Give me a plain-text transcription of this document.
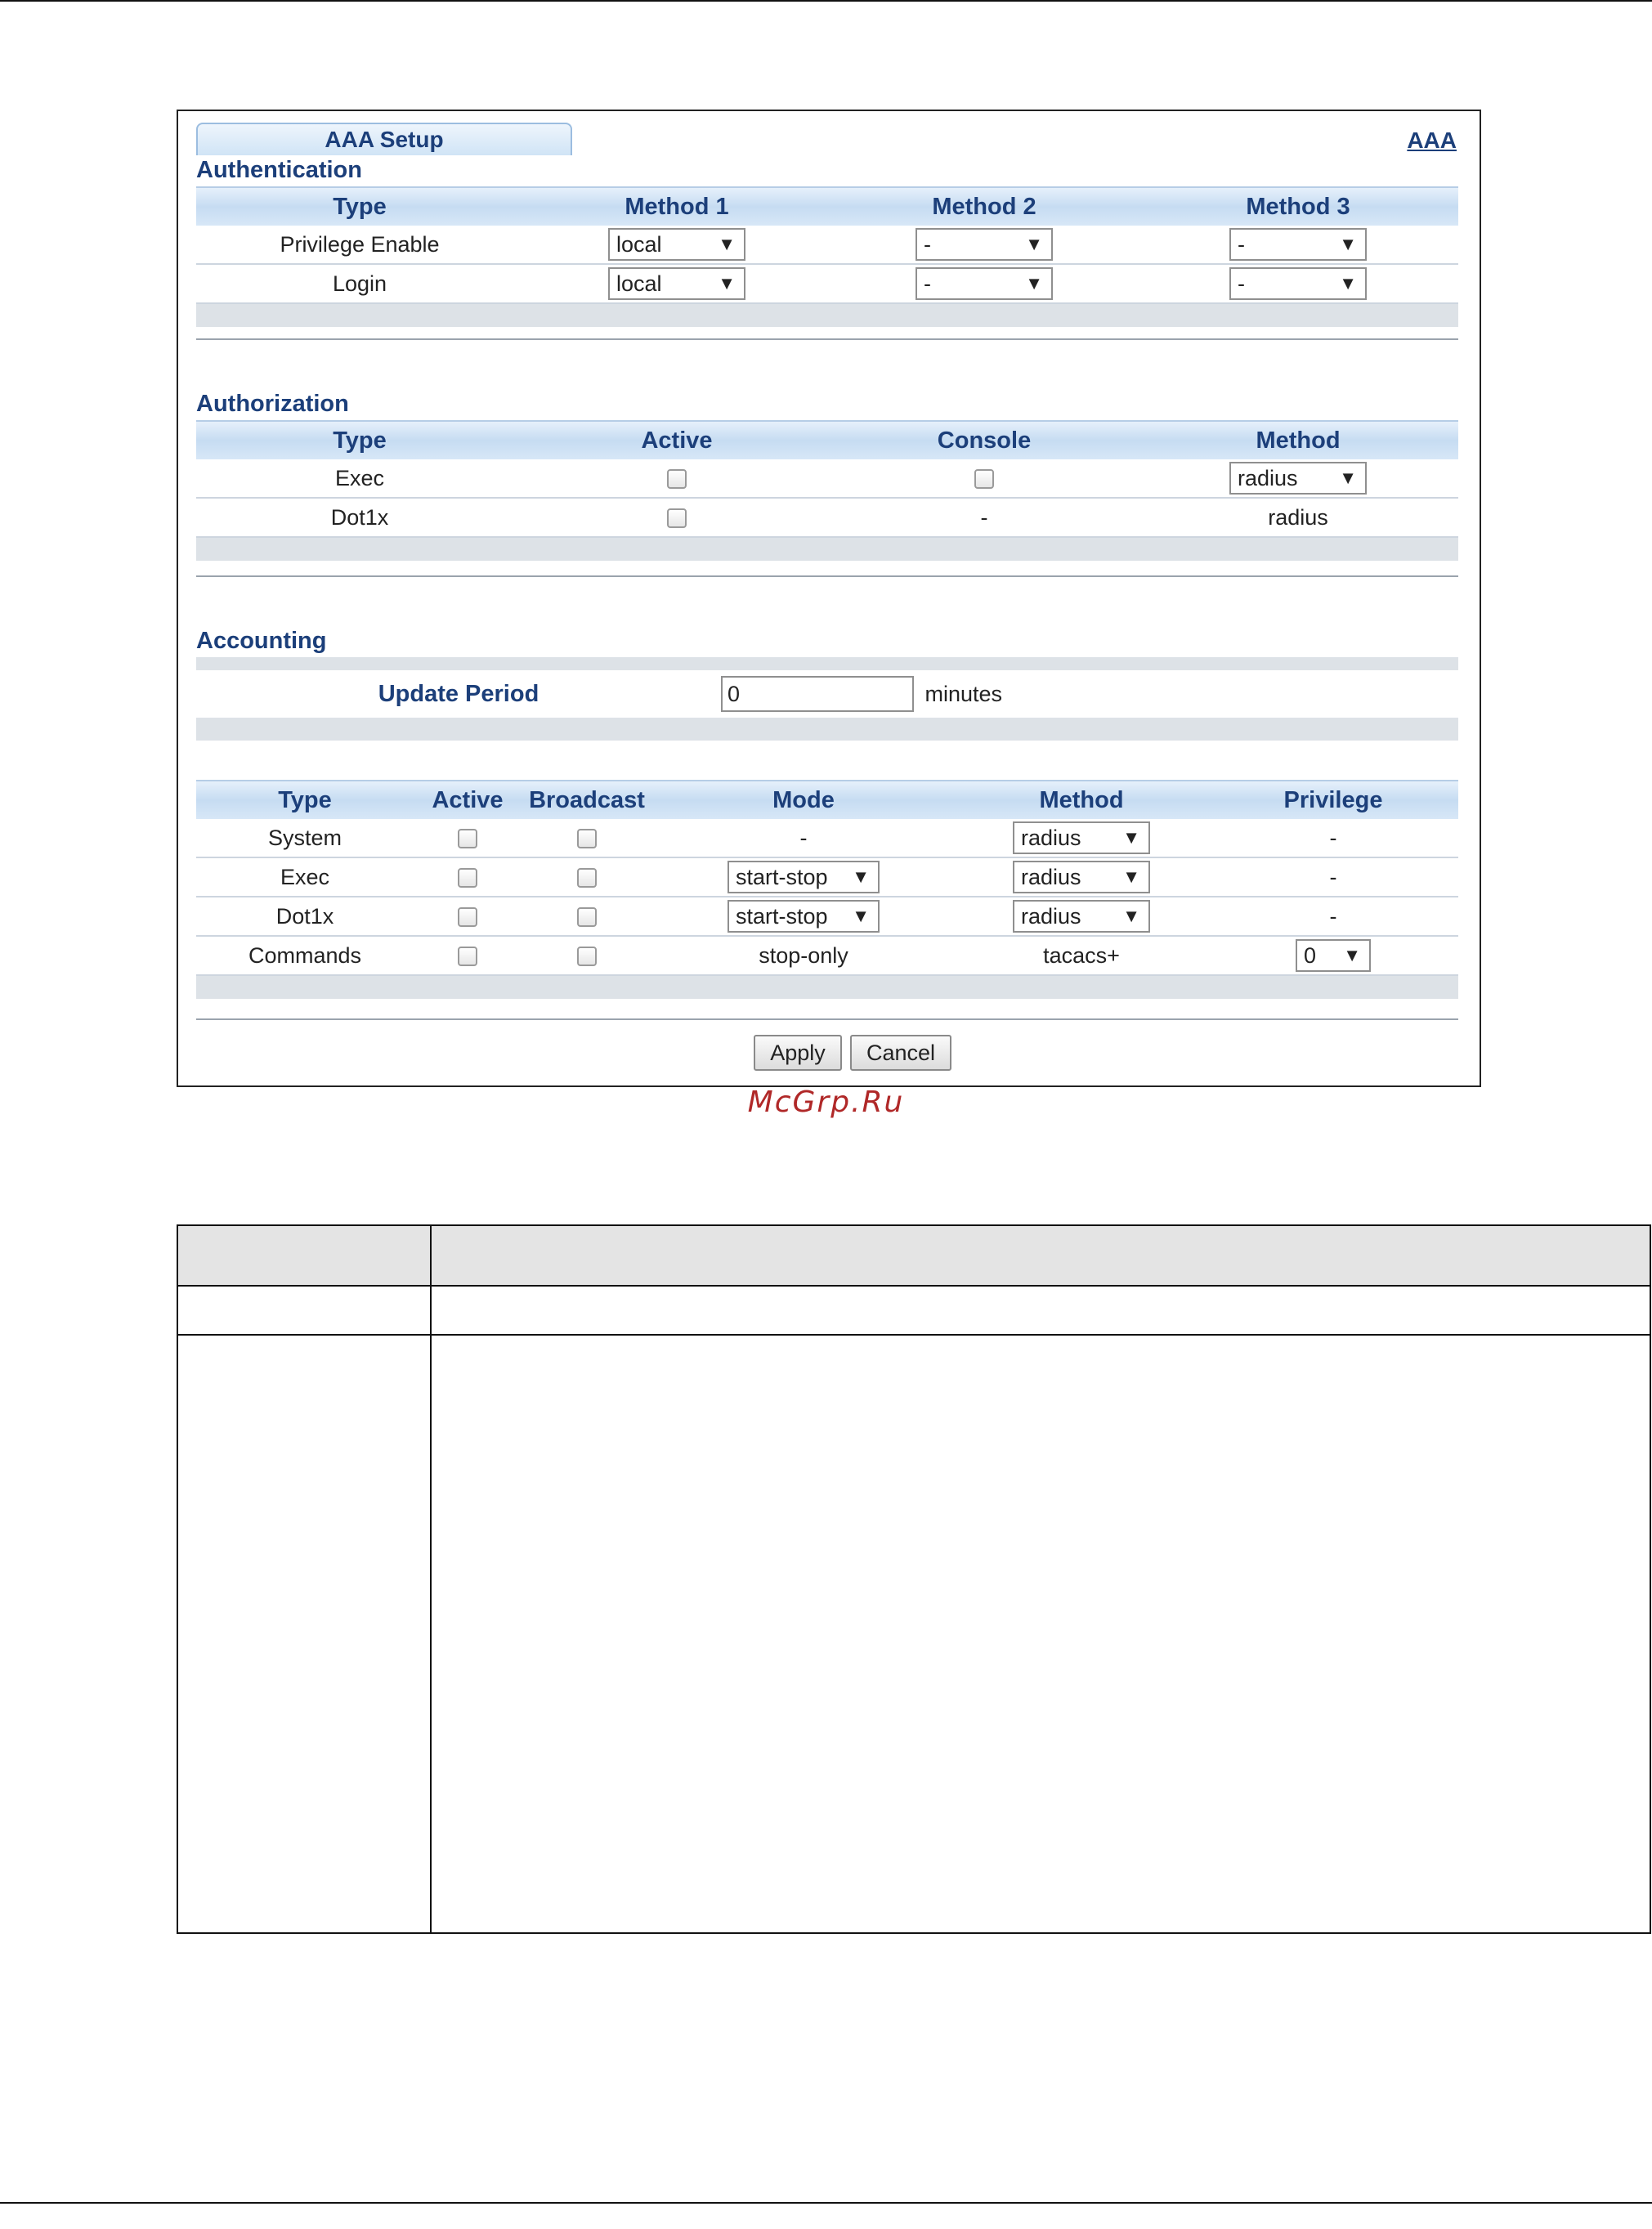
AAA Setup	AAA
Authentication
Type	Method 1	Method 2	Method 3
Privilege Enable	local ▼	- ▼	- ▼

Login	local ▼	- ▼	- ▼

Authorization
Type	Active	Console	Method
Exec			radius ▼

Dot1x		-	radius

Accounting

Update Period	0	minutes

Type	Active	Broadcast	Mode	Method	Privilege
System			-	radius ▼	-
Exec			start-stop ▼	radius ▼	-
Dot1x			start-stop ▼	radius ▼	-
Commands			stop-only	tacacs+	0 ▼

Apply	Cancel
McGrp.Ru
